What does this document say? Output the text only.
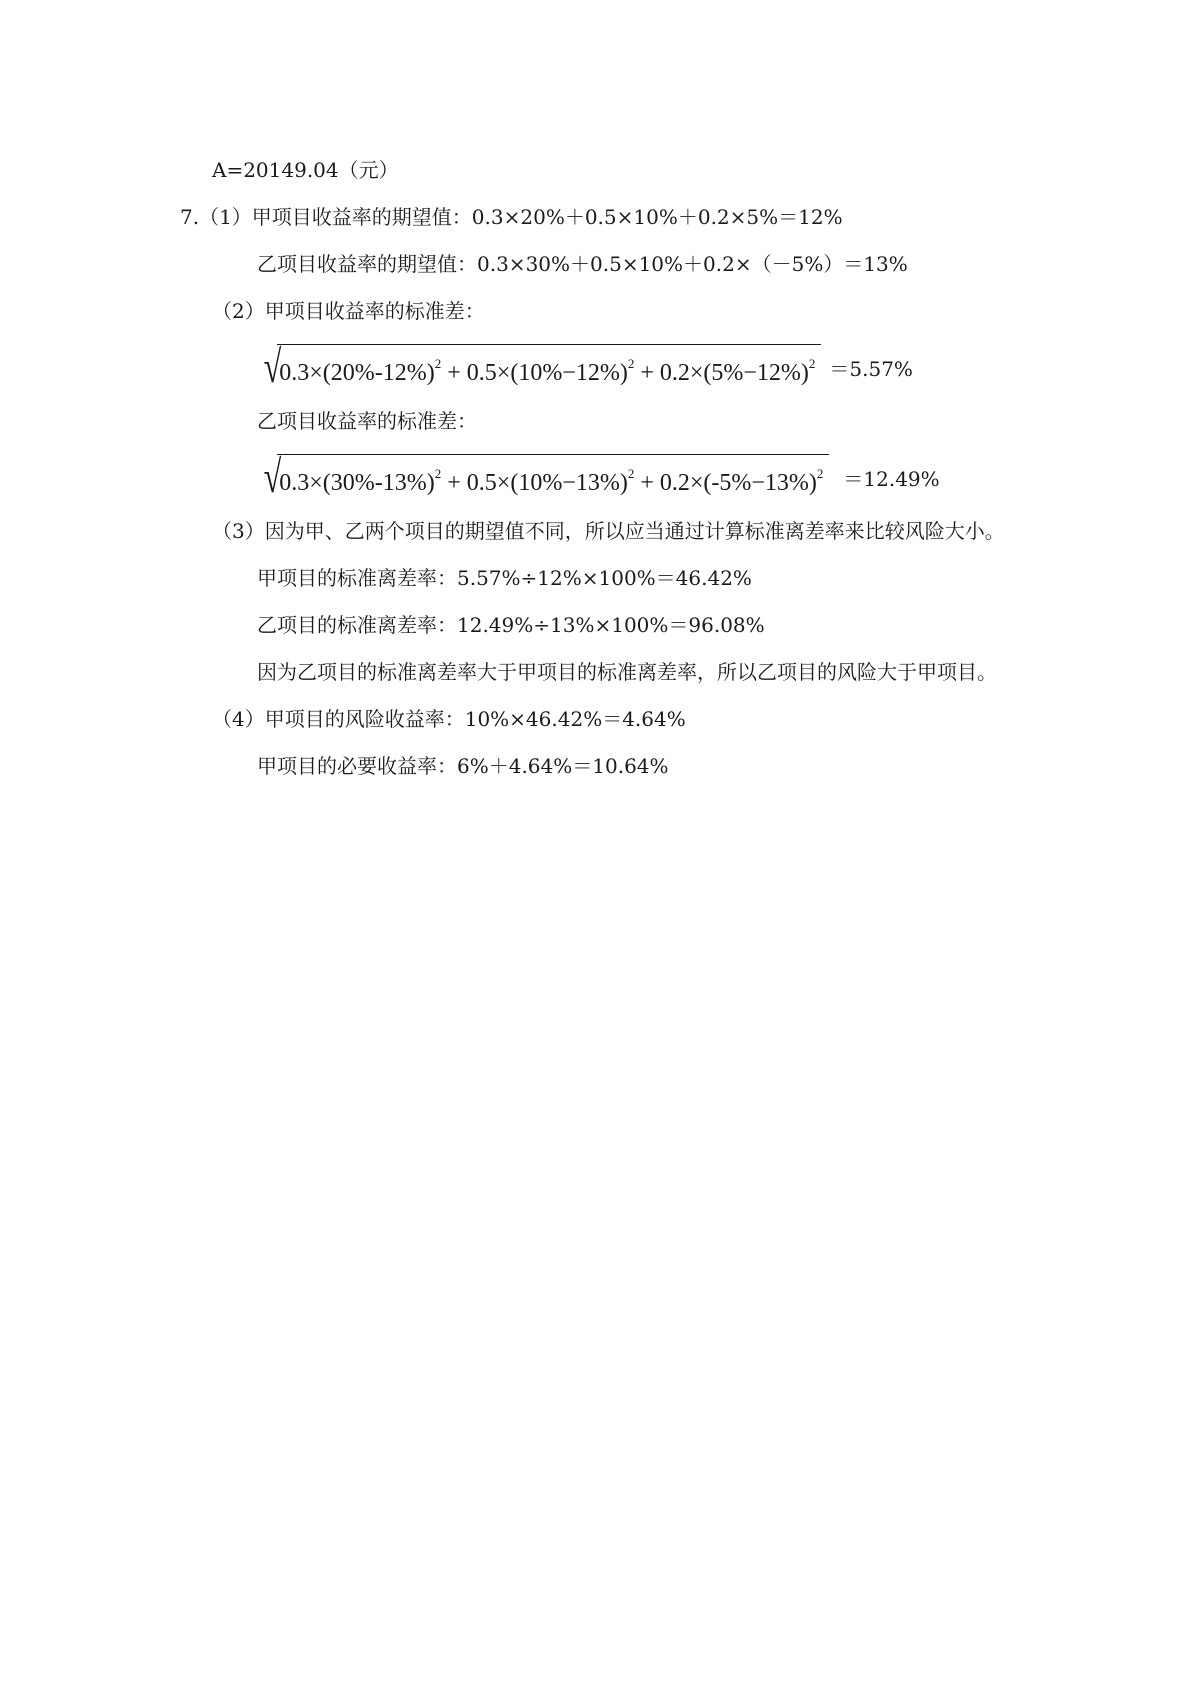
A=20149.04（元）
7.（1）甲项目收益率的期望值：0.3×20%＋0.5×10%＋0.2×5%＝12%
乙项目收益率的期望值：0.3×30%＋0.5×10%＋0.2×（－5%）＝13%
（2）甲项目收益率的标准差：
√
$0.3\times(20\%-12\%)^2 + 0.5\times(10\%-12\%)^2 + 0.2\times(5\%-12\%)^2 =5.57\%$
乙项目收益率的标准差：
√
$0.3\times(30\%-13\%)^2 + 0.5\times(10\%-13\%)^2 + 0.2\times(-5\%-13\%)^2$	＝12.49%
（3）因为甲、乙两个项目的期望值不同，所以应当通过计算标准离差率来比较风险大小。
甲项目的标准离差率：5.57%÷12%×100%＝46.42%
乙项目的标准离差率：12.49%÷13%×100%＝96.08%
因为乙项目的标准离差率大于甲项目的标准离差率，所以乙项目的风险大于甲项目。
（4）甲项目的风险收益率：10%×46.42%＝4.64%
甲项目的必要收益率：6%＋4.64%＝10.64%
